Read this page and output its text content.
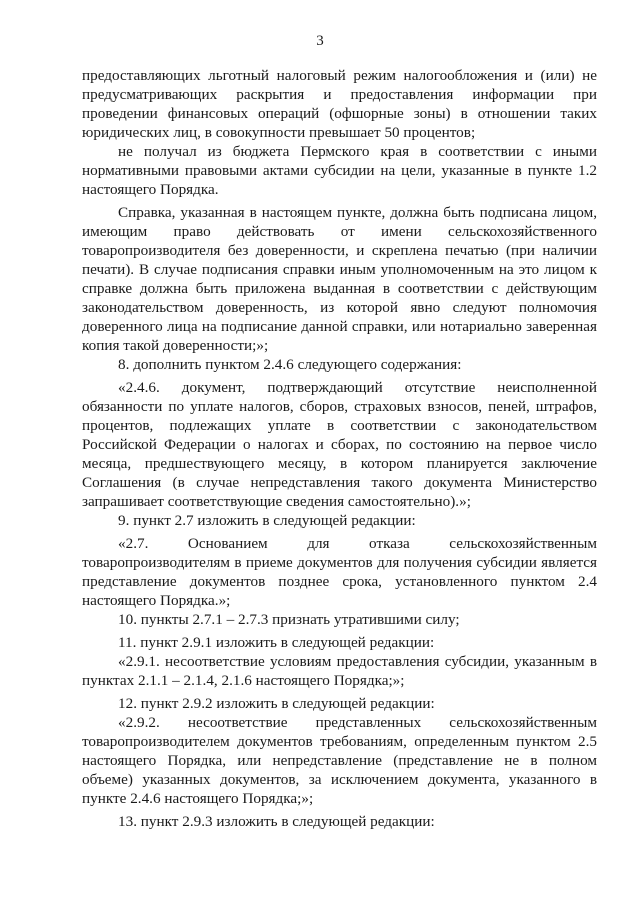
3

предоставляющих льготный налоговый режим налогообложения и (или) не предусматривающих раскрытия и предоставления информации при проведении финансовых операций (офшорные зоны) в отношении таких юридических лиц, в совокупности превышает 50 процентов;

не получал из бюджета Пермского края в соответствии с иными нормативными правовыми актами субсидии на цели, указанные в пункте 1.2 настоящего Порядка.

Справка, указанная в настоящем пункте, должна быть подписана лицом, имеющим право действовать от имени сельскохозяйственного товаропроизводителя без доверенности, и скреплена печатью (при наличии печати). В случае подписания справки иным уполномоченным на это лицом к справке должна быть приложена выданная в соответствии с действующим законодательством доверенность, из которой явно следуют полномочия доверенного лица на подписание данной справки, или нотариально заверенная копия такой доверенности;»;

8. дополнить пунктом 2.4.6 следующего содержания:

«2.4.6. документ, подтверждающий отсутствие неисполненной обязанности по уплате налогов, сборов, страховых взносов, пеней, штрафов, процентов, подлежащих уплате в соответствии с законодательством Российской Федерации о налогах и сборах, по состоянию на первое число месяца, предшествующего месяцу, в котором планируется заключение Соглашения (в случае непредставления такого документа Министерство запрашивает соответствующие сведения самостоятельно).»;

9. пункт 2.7 изложить в следующей редакции:

«2.7. Основанием для отказа сельскохозяйственным товаропроизводителям в приеме документов для получения субсидии является представление документов позднее срока, установленного пунктом 2.4 настоящего Порядка.»;

10. пункты 2.7.1 – 2.7.3 признать утратившими силу;

11. пункт 2.9.1 изложить в следующей редакции:

«2.9.1. несоответствие условиям предоставления субсидии, указанным в пунктах 2.1.1 – 2.1.4, 2.1.6 настоящего Порядка;»;

12. пункт 2.9.2 изложить в следующей редакции:

«2.9.2. несоответствие представленных сельскохозяйственным товаропроизводителем документов требованиям, определенным пунктом 2.5 настоящего Порядка, или непредставление (представление не в полном объеме) указанных документов, за исключением документа, указанного в пункте 2.4.6 настоящего Порядка;»;

13. пункт 2.9.3 изложить в следующей редакции:
